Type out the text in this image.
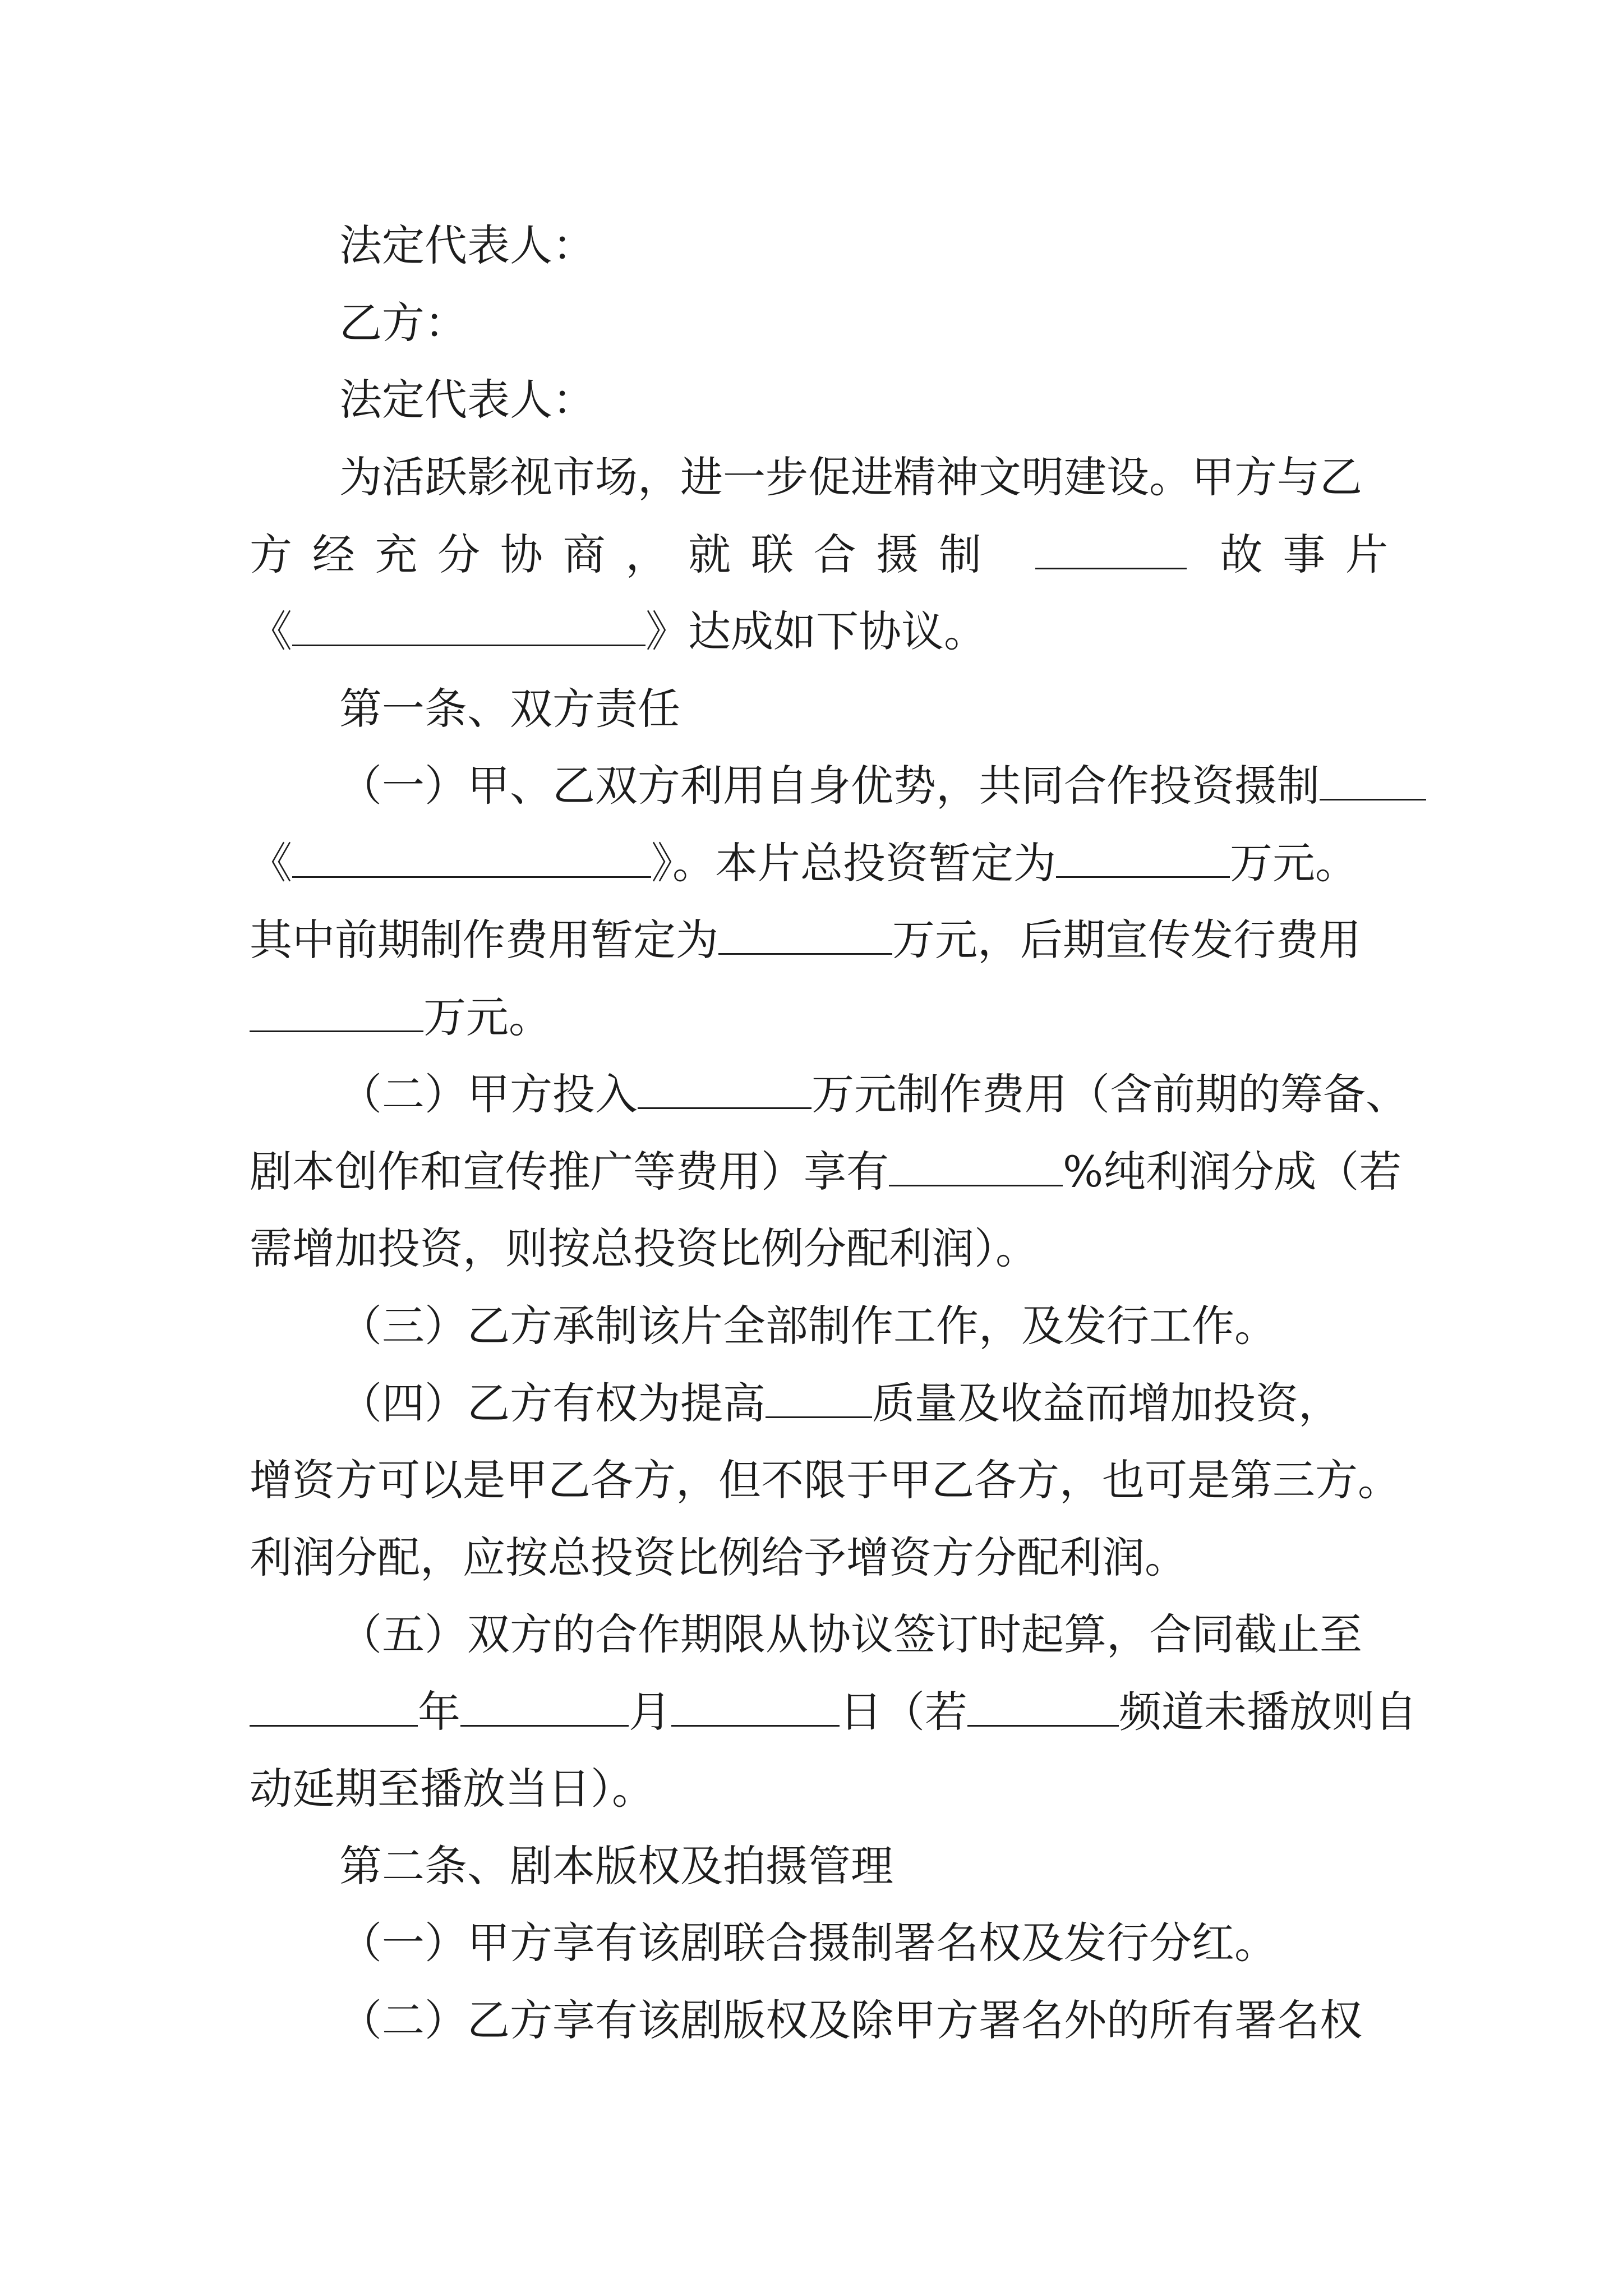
法定代表人：
乙方：
法定代表人：
为活跃影视市场，进一步促进精神文明建设。甲方与乙
方经充分协商，就联合摄制	故事片
《	》达成如下协议。
第一条、双方责任
（一）甲、乙双方利用自身优势，共同合作投资摄制
《	》。本片总投资暂定为	万元。
其中前期制作费用暂定为	万元，后期宣传发行费用
万元。
（二）甲方投入	万元制作费用（含前期的筹备、
剧本创作和宣传推广等费用）享有	%纯利润分成（若
需增加投资，则按总投资比例分配利润）。
（三）乙方承制该片全部制作工作，及发行工作。
（四）乙方有权为提高	质量及收益而增加投资，
增资方可以是甲乙各方，但不限于甲乙各方，也可是第三方。
利润分配，应按总投资比例给予增资方分配利润。
（五）双方的合作期限从协议签订时起算，合同截止至
年	月	日（若	频道未播放则自
动延期至播放当日）。
第二条、剧本版权及拍摄管理
（一）甲方享有该剧联合摄制署名权及发行分红。
（二）乙方享有该剧版权及除甲方署名外的所有署名权
